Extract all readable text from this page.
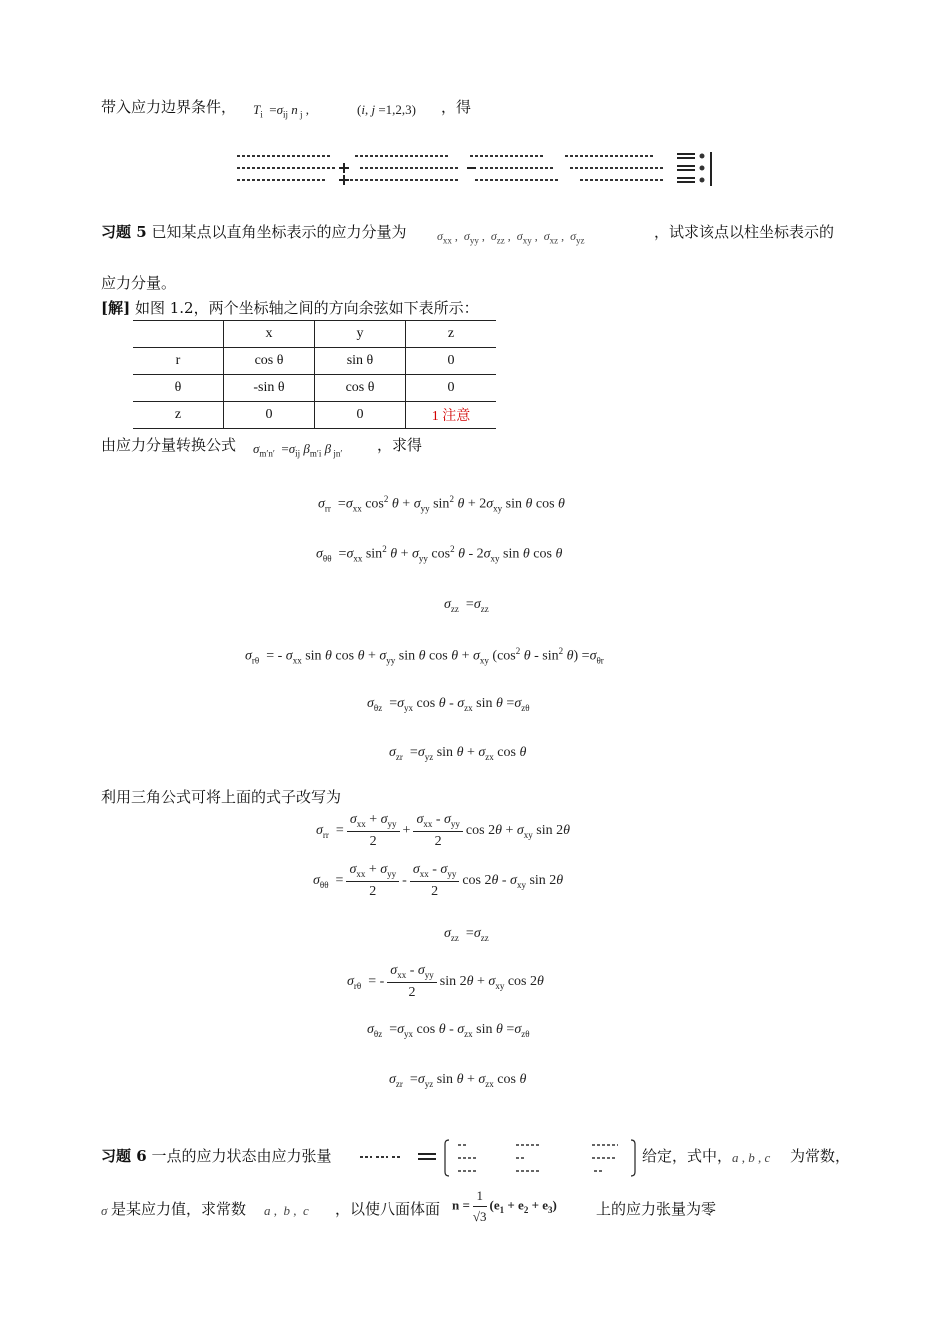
带入应力边界条件， $T_i =\sigma_{ij}$ n $_j$ ,	(i, j =1,2,3) ，得
习题 5 已知某点以直角坐标表示的应力分量为	$\sigma_{xx}$ ,  $\sigma_{yy}$ ,  $\sigma_{zz}$ ,  $\sigma_{xy}$ ,  $\sigma_{xz}$ ,  $\sigma_{yz}$	，试求该点以柱坐标表示的
应力分量。
[解] 如图 1.2，两个坐标轴之间的方向余弦如下表所示：
	x	y	z
r	cos θ	sin θ	0
θ	-sin θ	cos θ	0
z	0	0	1 注意
由应力分量转换公式 $\sigma_{m'n'} =\sigma_{ij}$ $\beta_{m'i}$ β $_{jn'}$ ，求得
$\sigma_{rr} =\sigma_{xx}$ $\cos^2 \theta + \sigma_{yy}$ $\sin^2 \theta + 2\sigma_{xy}$ sin θ cos θ
$\sigma_{\theta\theta} =\sigma_{xx}$ $\sin^2 \theta + \sigma_{yy}$ $\cos^2 \theta - 2\sigma_{xy}$ sin θ cos θ
$\sigma_{zz} =\sigma_{zz}$
$\sigma_{r\theta}$  = - $\sigma_{xx}$ sin θ $\cos \theta + \sigma_{yy}$ sin θ $\cos \theta + \sigma_{xy}$ ($\cos^2$ $\theta - \sin^2 \theta) =\sigma_{\theta r}$
$\sigma_{\theta z} =\sigma_{yx}$ cos θ - $\sigma_{zx}$ $\sin \theta =\sigma_{z\theta}$
$\sigma_{zr} =\sigma_{yz}$ $\sin \theta + \sigma_{zx}$ cos θ
利用三角公式可将上面的式子改写为
$\sigma_{rr} = \frac{\sigma_{xx} + \sigma_{yy}}{2} + \frac{\sigma_{xx} - \sigma_{yy}}{2}$ $\cos 2\theta + \sigma_{xy}$ sin 2θ
$\sigma_{\theta\theta} = \frac{\sigma_{xx} + \sigma_{yy}}{2} - \frac{\sigma_{xx} - \sigma_{yy}}{2}$ $\cos 2\theta - \sigma_{xy}$ sin 2θ
$\sigma_{zz} =\sigma_{zz}$
$\sigma_{r\theta}$  = - $\frac{\sigma_{xx} - \sigma_{yy}}{2}$ $\sin 2\theta + \sigma_{xy}$ cos 2θ
$\sigma_{\theta z} =\sigma_{yx}$ cos θ - $\sigma_{zx}$ $\sin \theta =\sigma_{z\theta}$
$\sigma_{zr} =\sigma_{yz}$ $\sin \theta + \sigma_{zx}$ cos θ
习题 6 一点的应力状态由应力张量	给定，式中， a , b , c 为常数，
σ 是某应力值，求常数 a ,  b ,  c ，以使八面体面 $n = \frac{1}{√3} (e_1 + e_2 + e_3)$	上的应力张量为零
